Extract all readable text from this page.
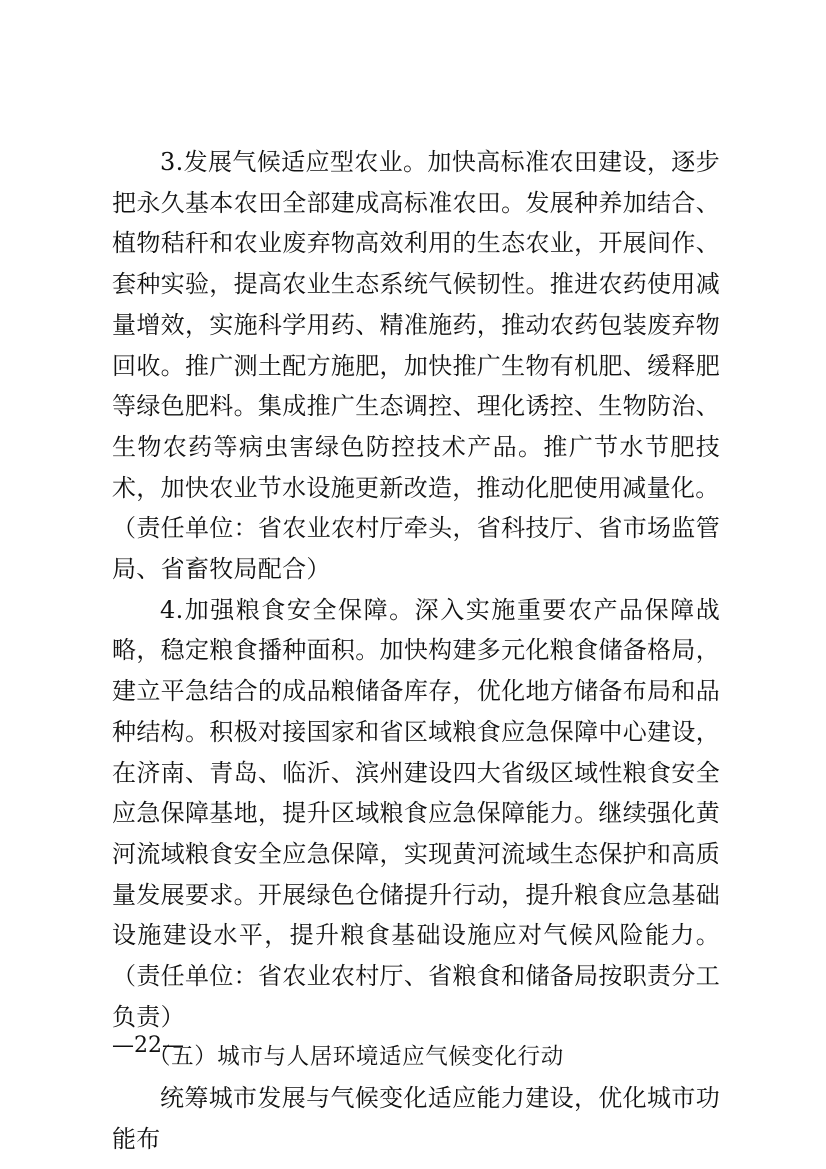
3.发展气候适应型农业。加快高标准农田建设，逐步把永久基本农田全部建成高标准农田。发展种养加结合、植物秸秆和农业废弃物高效利用的生态农业，开展间作、套种实验，提高农业生态系统气候韧性。推进农药使用减量增效，实施科学用药、精准施药，推动农药包装废弃物回收。推广测土配方施肥，加快推广生物有机肥、缓释肥等绿色肥料。集成推广生态调控、理化诱控、生物防治、生物农药等病虫害绿色防控技术产品。推广节水节肥技术，加快农业节水设施更新改造，推动化肥使用减量化。

（责任单位：省农业农村厅牵头，省科技厅、省市场监管局、省畜牧局配合）

4.加强粮食安全保障。深入实施重要农产品保障战略，稳定粮食播种面积。加快构建多元化粮食储备格局，建立平急结合的成品粮储备库存，优化地方储备布局和品种结构。积极对接国家和省区域粮食应急保障中心建设，在济南、青岛、临沂、滨州建设四大省级区域性粮食安全应急保障基地，提升区域粮食应急保障能力。继续强化黄河流域粮食安全应急保障，实现黄河流域生态保护和高质量发展要求。开展绿色仓储提升行动，提升粮食应急基础设施建设水平，提升粮食基础设施应对气候风险能力。（责任单位：省农业农村厅、省粮食和储备局按职责分工负责）

（五）城市与人居环境适应气候变化行动

统筹城市发展与气候变化适应能力建设，优化城市功能布

—22—
